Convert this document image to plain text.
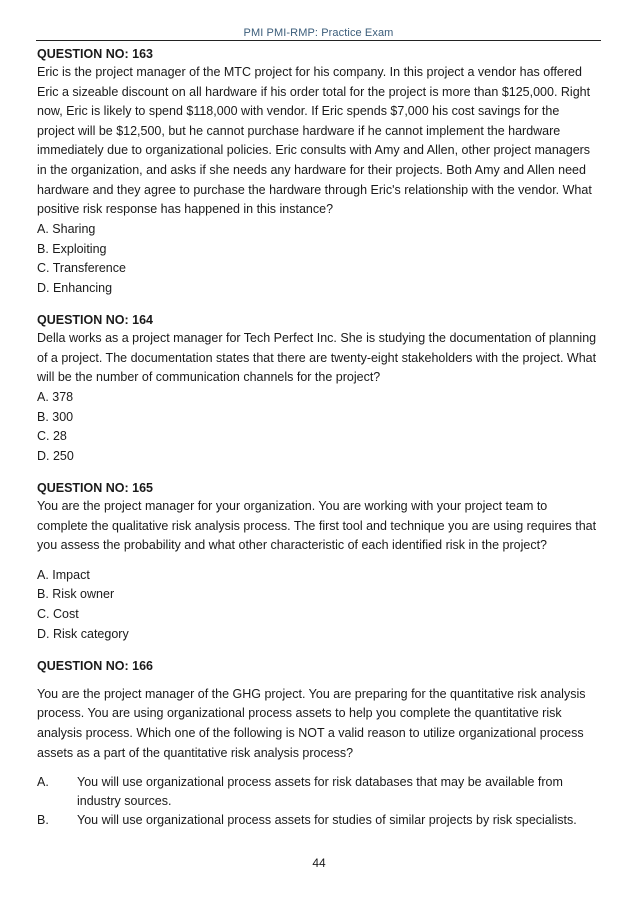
PMI PMI-RMP: Practice Exam
QUESTION NO: 163
Eric is the project manager of the MTC project for his company. In this project a vendor has offered Eric a sizeable discount on all hardware if his order total for the project is more than $125,000. Right now, Eric is likely to spend $118,000 with vendor. If Eric spends $7,000 his cost savings for the project will be $12,500, but he cannot purchase hardware if he cannot implement the hardware immediately due to organizational policies. Eric consults with Amy and Allen, other project managers in the organization, and asks if she needs any hardware for their projects. Both Amy and Allen need hardware and they agree to purchase the hardware through Eric's relationship with the vendor. What positive risk response has happened in this instance?
A. Sharing
B. Exploiting
C. Transference
D. Enhancing
QUESTION NO: 164
Della works as a project manager for Tech Perfect Inc. She is studying the documentation of planning of a project. The documentation states that there are twenty-eight stakeholders with the project. What will be the number of communication channels for the project?
A. 378
B. 300
C. 28
D. 250
QUESTION NO: 165
You are the project manager for your organization. You are working with your project team to complete the qualitative risk analysis process. The first tool and technique you are using requires that you assess the probability and what other characteristic of each identified risk in the project?
A. Impact
B. Risk owner
C. Cost
D. Risk category
QUESTION NO: 166
You are the project manager of the GHG project. You are preparing for the quantitative risk analysis process. You are using organizational process assets to help you complete the quantitative risk analysis process. Which one of the following is NOT a valid reason to utilize organizational process assets as a part of the quantitative risk analysis process?
A.	You will use organizational process assets for risk databases that may be available from industry sources.
B.	You will use organizational process assets for studies of similar projects by risk specialists.
44
